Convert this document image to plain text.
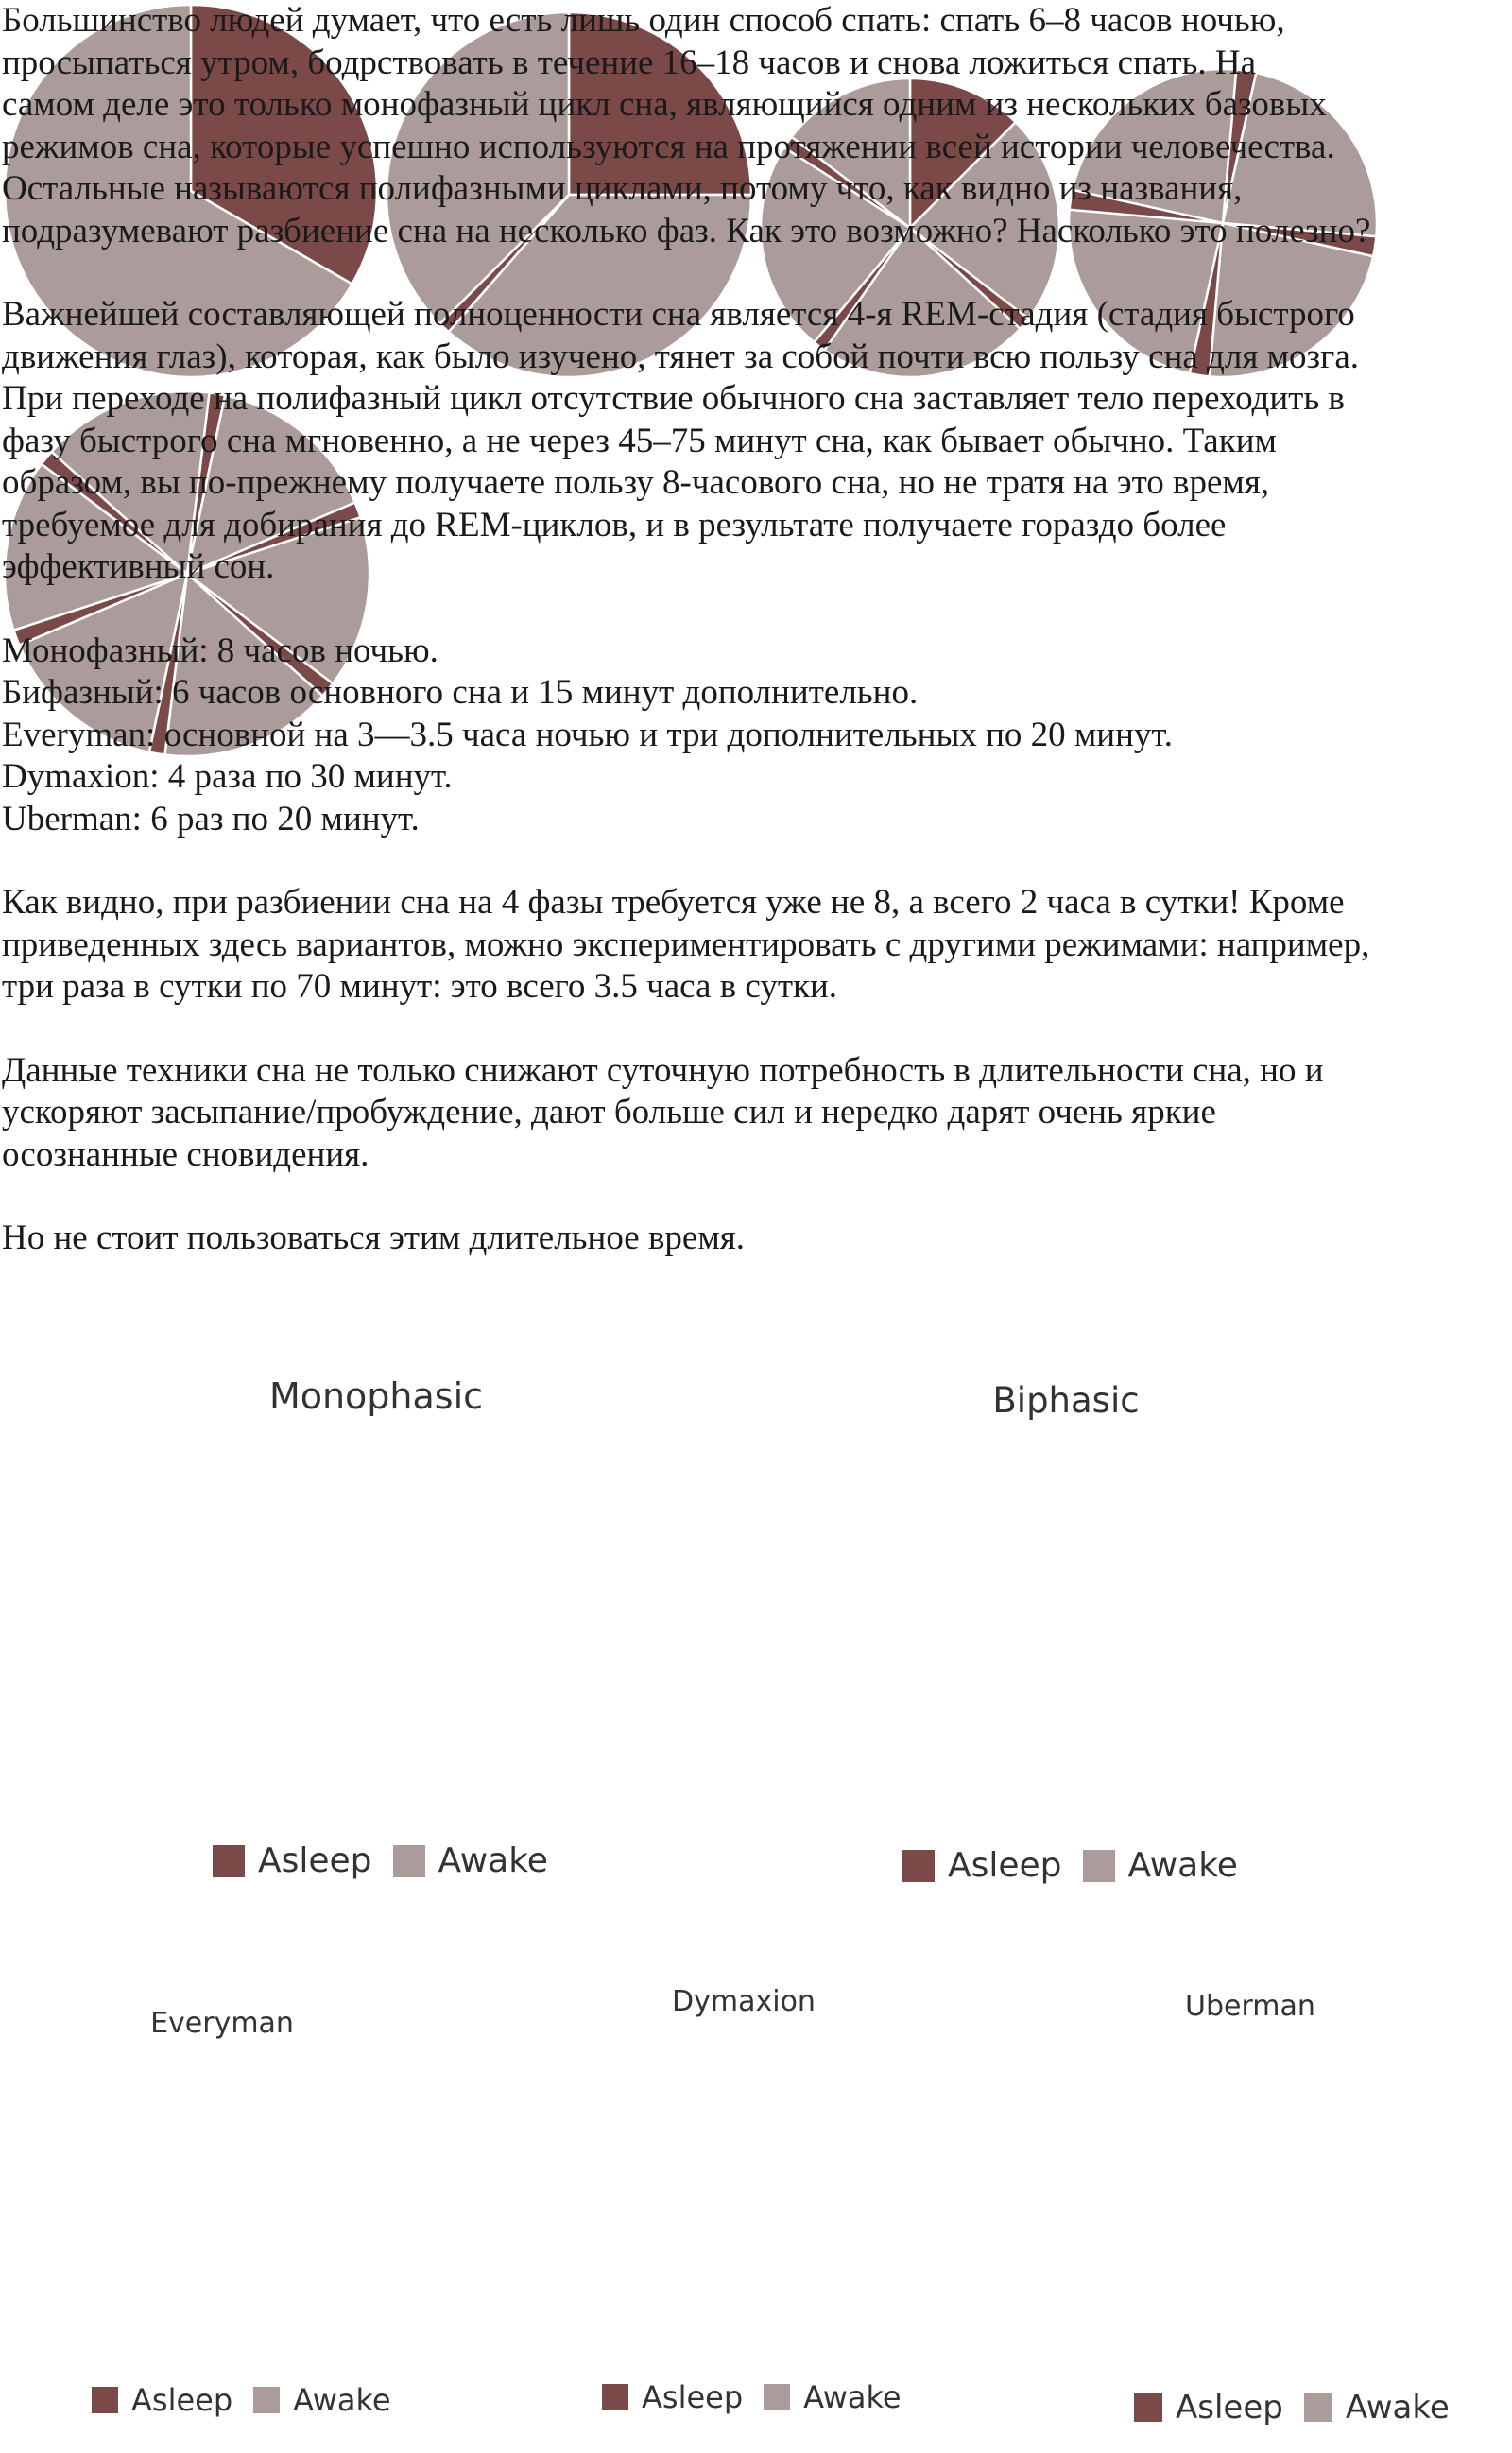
Большинство людей думает, что есть лишь один способ спать: спать 6–8 часов ночью,
просыпаться утром, бодрствовать в течение 16–18 часов и снова ложиться спать. На
самом деле это только монофазный цикл сна, являющийся одним из нескольких базовых
режимов сна, которые успешно используются на протяжении всей истории человечества.
Остальные называются полифазными циклами, потому что, как видно из названия,
подразумевают разбиение сна на несколько фаз. Как это возможно? Насколько это полезно?

Важнейшей составляющей полноценности сна является 4-я REM-стадия (стадия быстрого
движения глаз), которая, как было изучено, тянет за собой почти всю пользу сна для мозга.
При переходе на полифазный цикл отсутствие обычного сна заставляет тело переходить в
фазу быстрого сна мгновенно, а не через 45–75 минут сна, как бывает обычно. Таким
образом, вы по-прежнему получаете пользу 8-часового сна, но не тратя на это время,
требуемое для добирания до REM-циклов, и в результате получаете гораздо более
эффективный сон.

Монофазный: 8 часов ночью.
Бифазный: 6 часов основного сна и 15 минут дополнительно.
Everyman: основной на 3—3.5 часа ночью и три дополнительных по 20 минут.
Dymaxion: 4 раза по 30 минут.
Uberman: 6 раз по 20 минут.

Как видно, при разбиении сна на 4 фазы требуется уже не 8, а всего 2 часа в сутки! Кроме
приведенных здесь вариантов, можно экспериментировать с другими режимами: например,
три раза в сутки по 70 минут: это всего 3.5 часа в сутки.

Данные техники сна не только снижают суточную потребность в длительности сна, но и
ускоряют засыпание/пробуждение, дают больше сил и нередко дарят очень яркие
осознанные сновидения.

Но не стоит пользоваться этим длительное время.

Monophasic
Asleep Awake
Biphasic
Asleep Awake
Everyman
Asleep Awake
Dymaxion
Asleep Awake
Uberman
Asleep Awake
